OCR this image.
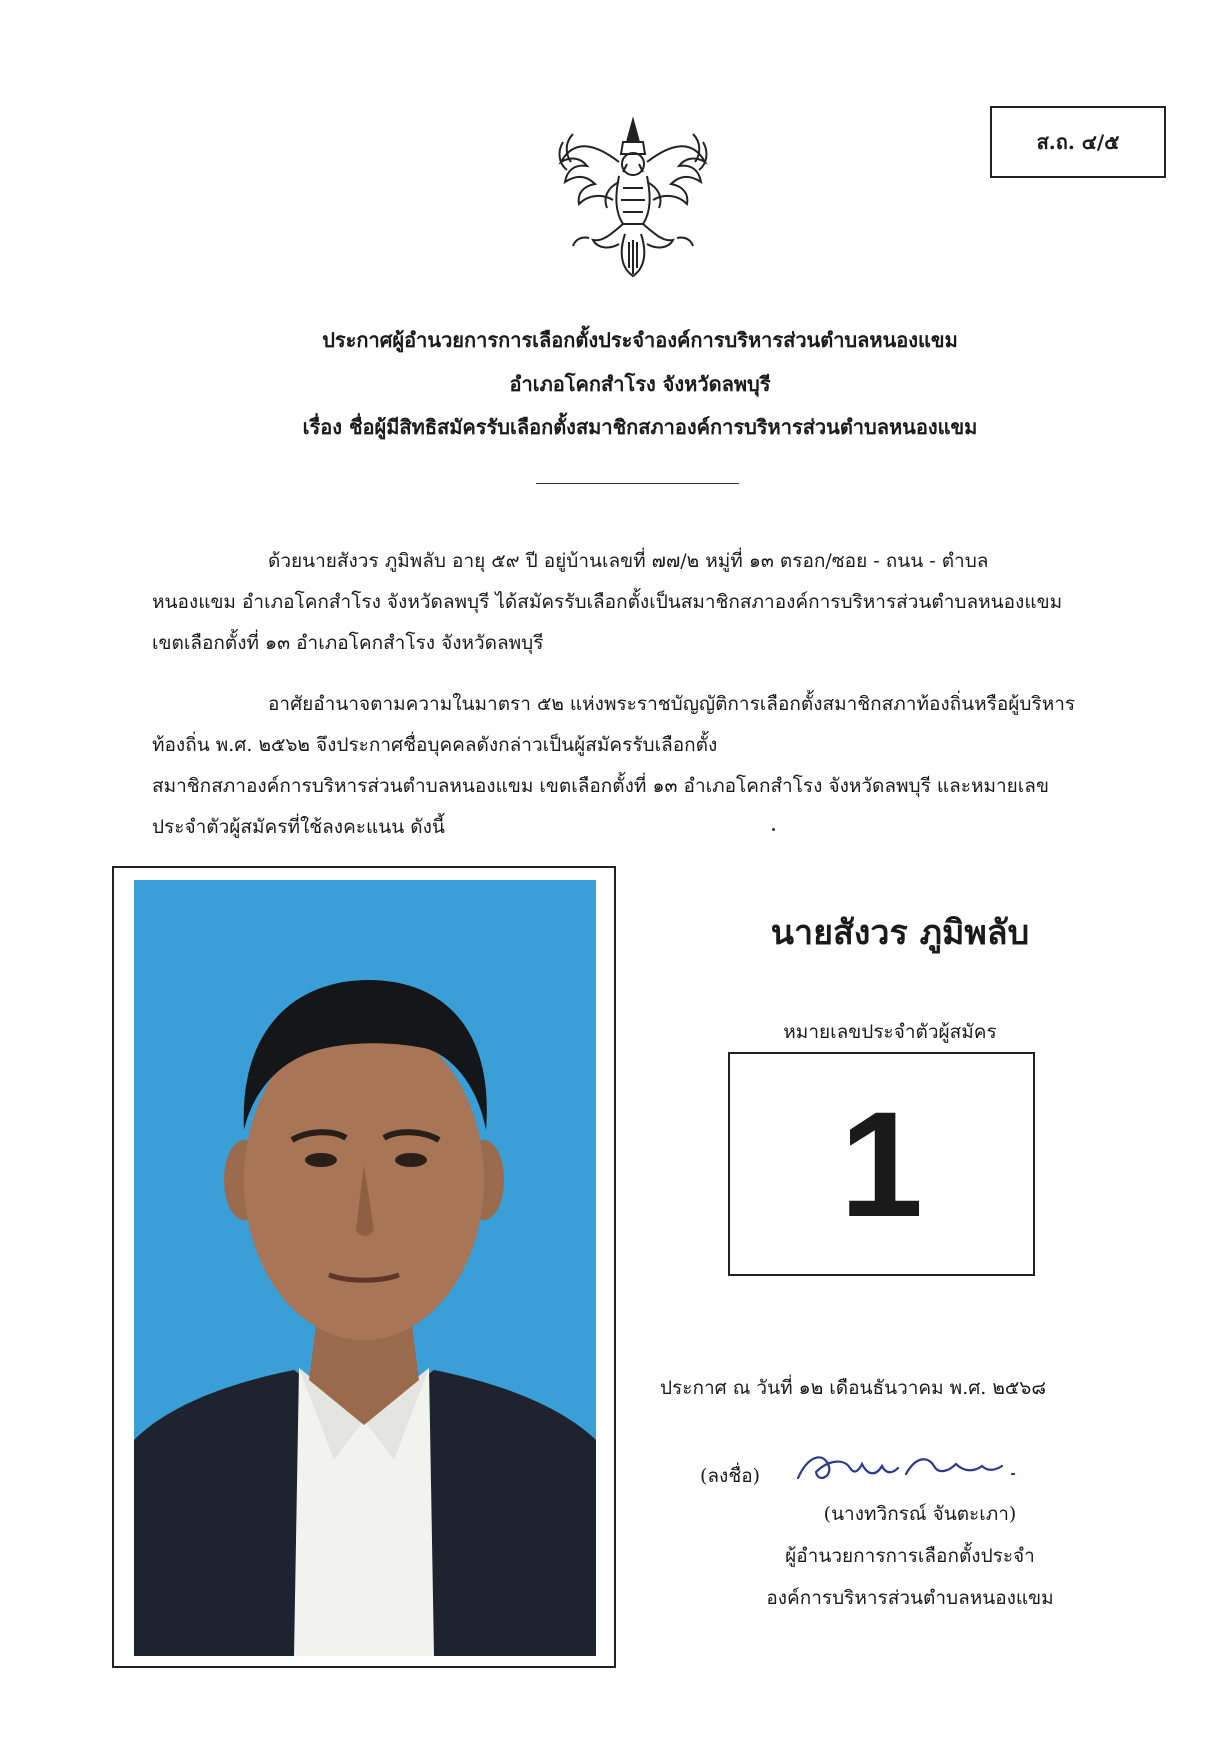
ส.ถ. ๔/๕
ประกาศผู้อำนวยการการเลือกตั้งประจำองค์การบริหารส่วนตำบลหนองแขม
อำเภอโคกสำโรง จังหวัดลพบุรี
เรื่อง ชื่อผู้มีสิทธิสมัครรับเลือกตั้งสมาชิกสภาองค์การบริหารส่วนตำบลหนองแขม
ด้วยนายสังวร ภูมิพลับ อายุ ๕๙ ปี อยู่บ้านเลขที่ ๗๗/๒ หมู่ที่ ๑๓ ตรอก/ซอย - ถนน - ตำบล
หนองแขม อำเภอโคกสำโรง จังหวัดลพบุรี ได้สมัครรับเลือกตั้งเป็นสมาชิกสภาองค์การบริหารส่วนตำบลหนองแขม
เขตเลือกตั้งที่ ๑๓ อำเภอโคกสำโรง จังหวัดลพบุรี
อาศัยอำนาจตามความในมาตรา ๕๒ แห่งพระราชบัญญัติการเลือกตั้งสมาชิกสภาท้องถิ่นหรือผู้บริหาร
ท้องถิ่น พ.ศ. ๒๕๖๒ จึงประกาศชื่อบุคคลดังกล่าวเป็นผู้สมัครรับเลือกตั้ง
สมาชิกสภาองค์การบริหารส่วนตำบลหนองแขม เขตเลือกตั้งที่ ๑๓ อำเภอโคกสำโรง จังหวัดลพบุรี และหมายเลข
ประจำตัวผู้สมัครที่ใช้ลงคะแนน ดังนี้
นายสังวร ภูมิพลับ
หมายเลขประจำตัวผู้สมัคร
1
ประกาศ ณ วันที่ ๑๒ เดือนธันวาคม พ.ศ. ๒๕๖๘
(ลงชื่อ)
(นางทวิกรณ์ จันตะเภา)
ผู้อำนวยการการเลือกตั้งประจำ
องค์การบริหารส่วนตำบลหนองแขม
